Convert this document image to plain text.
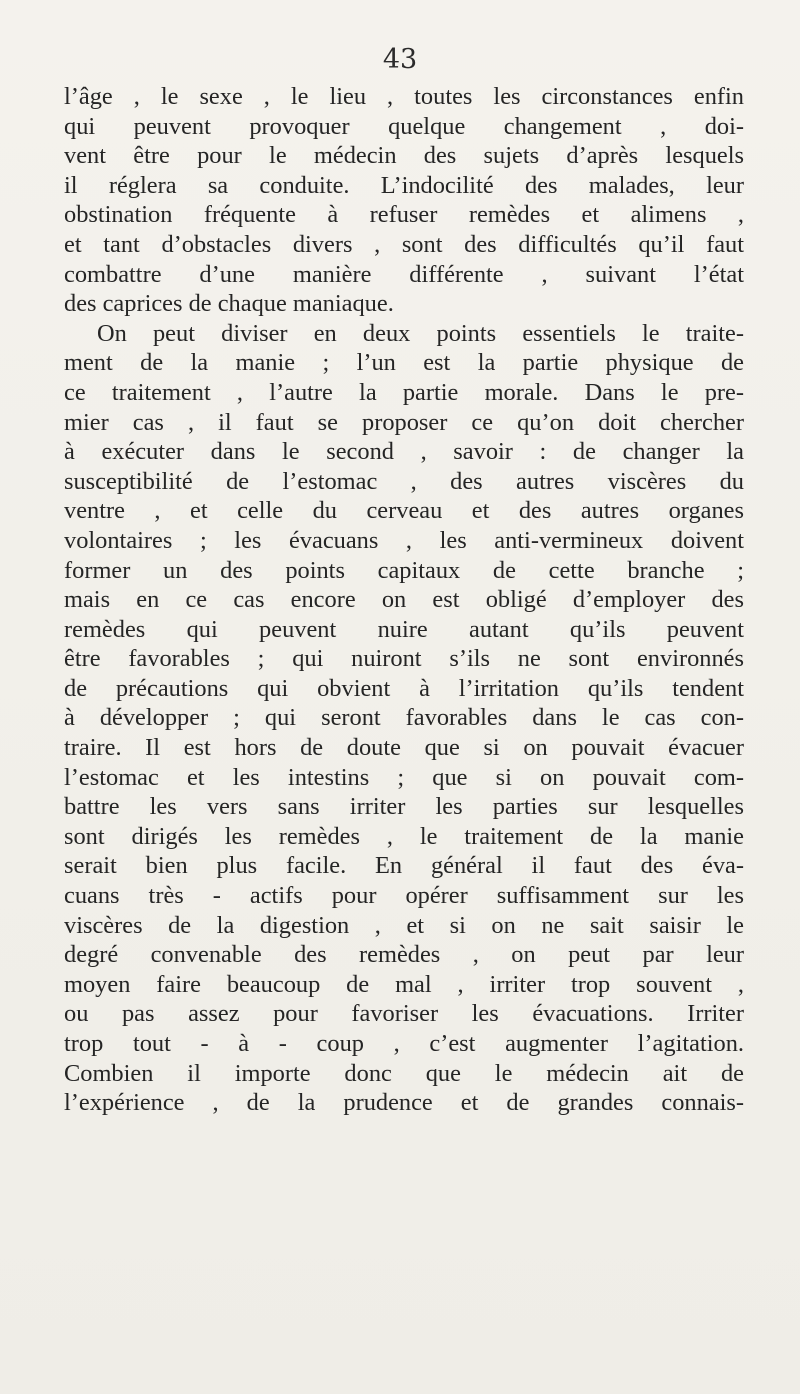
43
l’âge , le sexe , le lieu , toutes les circonstances enfin
qui peuvent provoquer quelque changement , doi-
vent être pour le médecin des sujets d’après lesquels
il réglera sa conduite. L’indocilité des malades, leur
obstination fréquente à refuser remèdes et alimens ,
et tant d’obstacles divers , sont des difficultés qu’il faut
combattre d’une manière différente , suivant l’état
des caprices de chaque maniaque.
On peut diviser en deux points essentiels le traite-
ment de la manie ; l’un est la partie physique de
ce traitement , l’autre la partie morale. Dans le pre-
mier cas , il faut se proposer ce qu’on doit chercher
à exécuter dans le second , savoir : de changer la
susceptibilité de l’estomac , des autres viscères du
ventre , et celle du cerveau et des autres organes
volontaires ; les évacuans , les anti-vermineux doivent
former un des points capitaux de cette branche ;
mais en ce cas encore on est obligé d’employer des
remèdes qui peuvent nuire autant qu’ils peuvent
être favorables ; qui nuiront s’ils ne sont environnés
de précautions qui obvient à l’irritation qu’ils tendent
à développer ; qui seront favorables dans le cas con-
traire. Il est hors de doute que si on pouvait évacuer
l’estomac et les intestins ; que si on pouvait com-
battre les vers sans irriter les parties sur lesquelles
sont dirigés les remèdes , le traitement de la manie
serait bien plus facile. En général il faut des éva-
cuans très - actifs pour opérer suffisamment sur les
viscères de la digestion , et si on ne sait saisir le
degré convenable des remèdes , on peut par leur
moyen faire beaucoup de mal , irriter trop souvent ,
ou pas assez pour favoriser les évacuations. Irriter
trop tout - à - coup , c’est augmenter l’agitation.
Combien il importe donc que le médecin ait de
l’expérience , de la prudence et de grandes connais-
